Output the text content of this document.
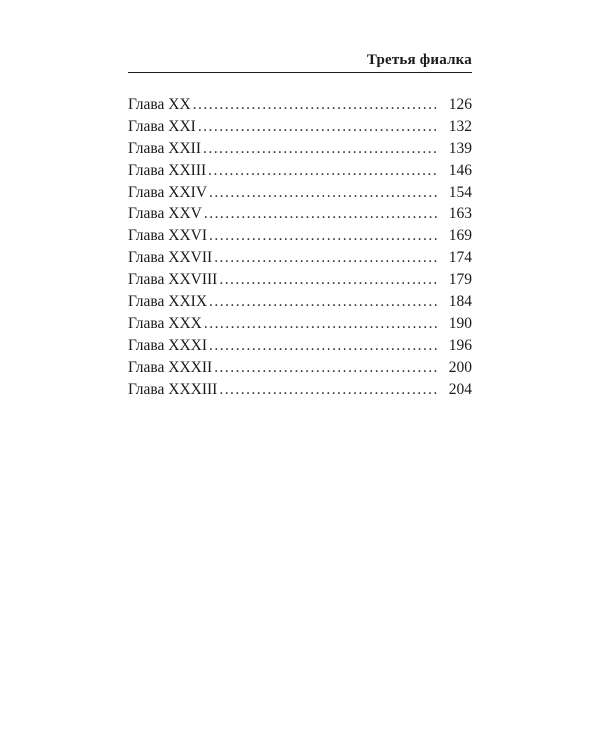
Третья фиалка
Глава XX . . .	126
Глава XXI . . .	132
Глава XXII . . .	139
Глава XXIII . . .	146
Глава XXIV . . .	154
Глава XXV . . .	163
Глава XXVI . . .	169
Глава XXVII . . .	174
Глава XXVIII . . .	179
Глава XXIX . . .	184
Глава XXX . . .	190
Глава XXXI . . .	196
Глава XXXII . . .	200
Глава XXXIII . . .	204
